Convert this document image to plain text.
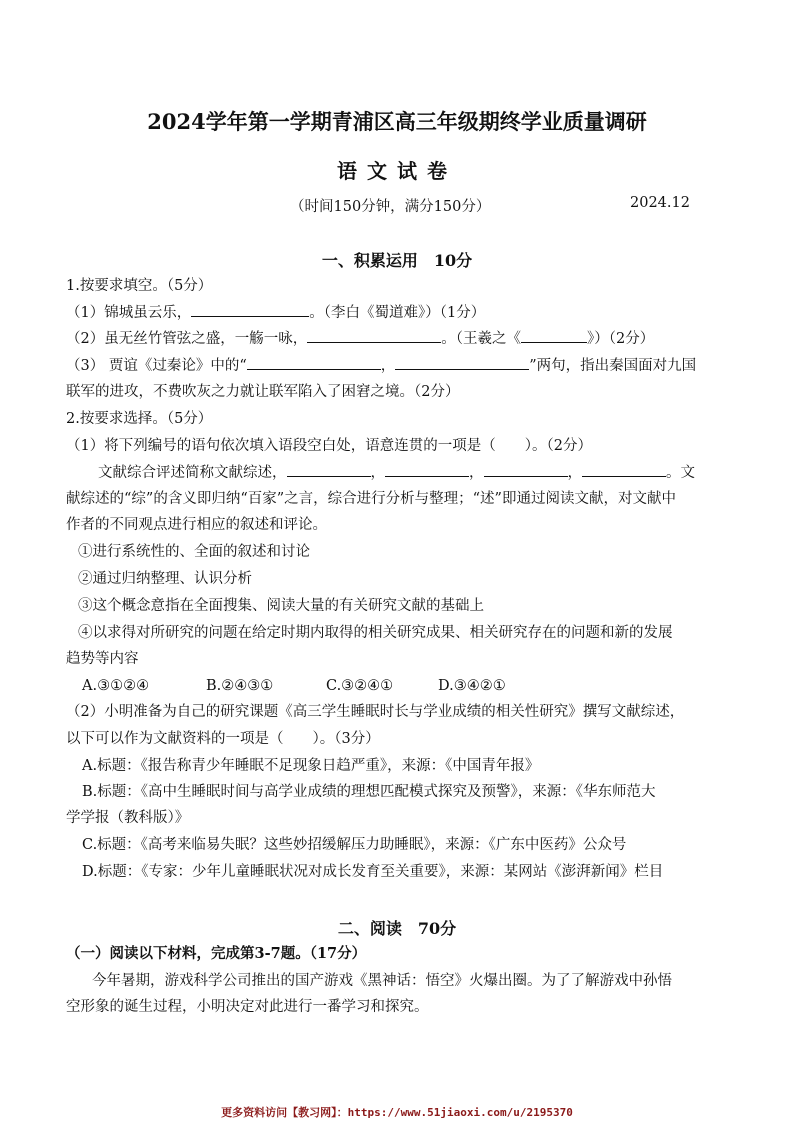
2024学年第一学期青浦区高三年级期终学业质量调研
语文试卷
（时间150分钟，满分150分）	2024.12
一、积累运用　10分
1.按要求填空。（5分）
（1）锦城虽云乐，	。（李白《蜀道难》）（1分）
（2）虽无丝竹管弦之盛，一觞一咏，	。（王羲之《	》）（2分）
（3） 贾谊《过秦论》中的“	，	”两句，指出秦国面对九国
联军的进攻，不费吹灰之力就让联军陷入了困窘之境。（2分）
2.按要求选择。（5分）
（1）将下列编号的语句依次填入语段空白处，语意连贯的一项是（　　）。（2分）
文献综合评述简称文献综述，	，	，	，	。文
献综述的“综”的含义即归纳“百家”之言，综合进行分析与整理；“述”即通过阅读文献，对文献中
作者的不同观点进行相应的叙述和评论。
①进行系统性的、全面的叙述和讨论
②通过归纳整理、认识分析
③这个概念意指在全面搜集、阅读大量的有关研究文献的基础上
④以求得对所研究的问题在给定时期内取得的相关研究成果、相关研究存在的问题和新的发展
趋势等内容
A.③①②④	B.②④③①	C.③②④①	D.③④②①
（2）小明准备为自己的研究课题《高三学生睡眠时长与学业成绩的相关性研究》撰写文献综述，
以下可以作为文献资料的一项是（　　）。（3分）
A.标题：《报告称青少年睡眠不足现象日趋严重》，来源：《中国青年报》
B.标题：《高中生睡眠时间与高学业成绩的理想匹配模式探究及预警》，来源：《华东师范大
学学报（教科版）》
C.标题：《高考来临易失眠？这些妙招缓解压力助睡眠》，来源：《广东中医药》公众号
D.标题：《专家：少年儿童睡眠状况对成长发育至关重要》，来源：某网站《澎湃新闻》栏目
二、阅读　70分
（一）阅读以下材料，完成第3-7题。（17分）
今年暑期，游戏科学公司推出的国产游戏《黑神话：悟空》火爆出圈。为了了解游戏中孙悟
空形象的诞生过程，小明决定对此进行一番学习和探究。
更多资料访问【教习网】：https://www.51jiaoxi.com/u/2195370
